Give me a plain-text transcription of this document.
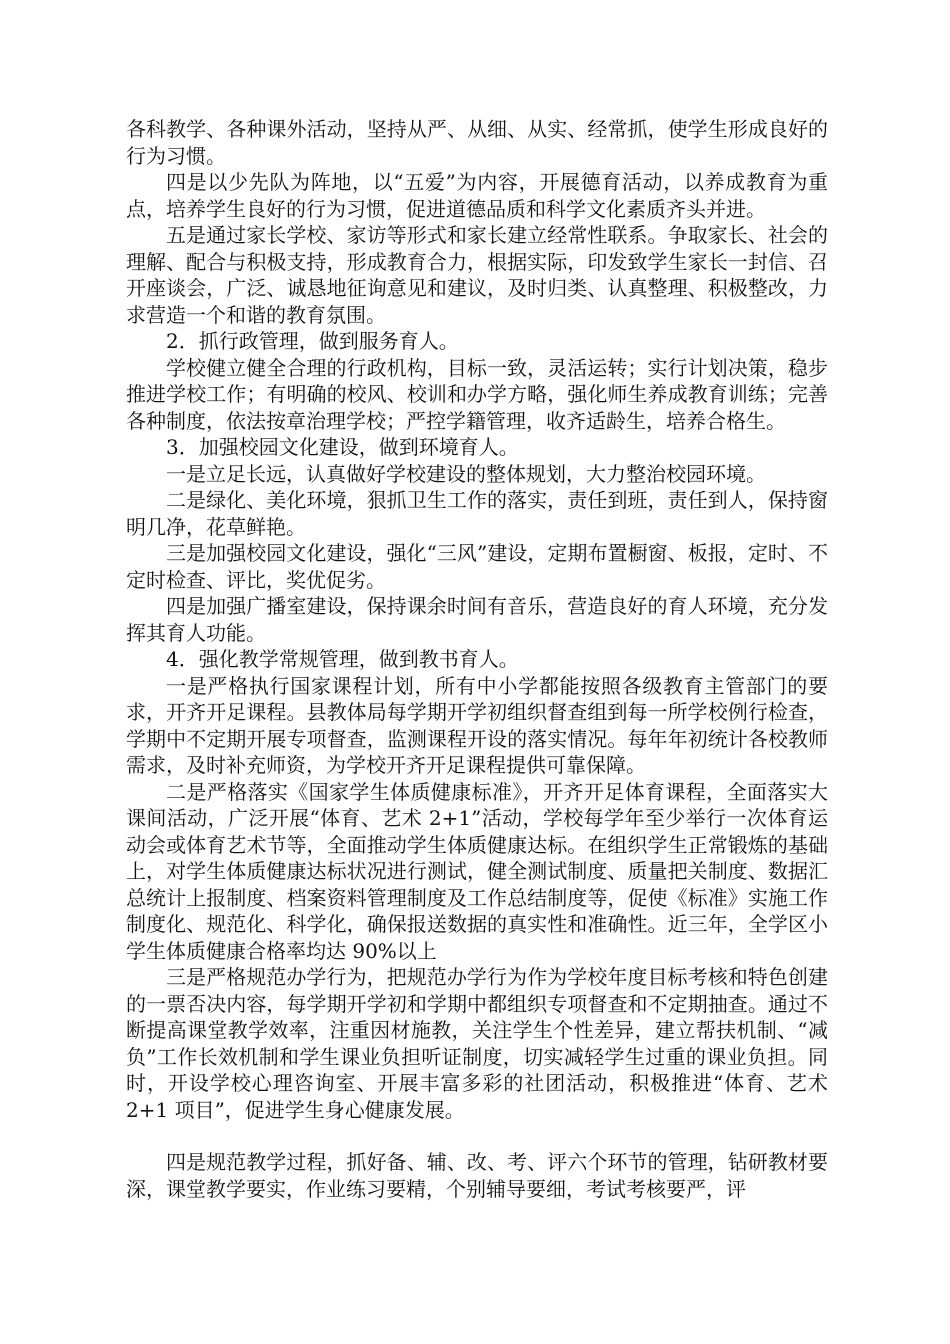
各科教学、各种课外活动，坚持从严、从细、从实、经常抓，使学生形成良好的行为习惯。

四是以少先队为阵地，以“五爱”为内容，开展德育活动，以养成教育为重点，培养学生良好的行为习惯，促进道德品质和科学文化素质齐头并进。

五是通过家长学校、家访等形式和家长建立经常性联系。争取家长、社会的理解、配合与积极支持，形成教育合力，根据实际，印发致学生家长一封信、召开座谈会，广泛、诚恳地征询意见和建议，及时归类、认真整理、积极整改，力求营造一个和谐的教育氛围。

2．抓行政管理，做到服务育人。

学校健立健全合理的行政机构，目标一致，灵活运转；实行计划决策，稳步推进学校工作；有明确的校风、校训和办学方略，强化师生养成教育训练；完善各种制度，依法按章治理学校；严控学籍管理，收齐适龄生，培养合格生。

3．加强校园文化建设，做到环境育人。

一是立足长远，认真做好学校建设的整体规划，大力整治校园环境。

二是绿化、美化环境，狠抓卫生工作的落实，责任到班，责任到人，保持窗明几净，花草鲜艳。

三是加强校园文化建设，强化“三风”建设，定期布置橱窗、板报，定时、不定时检查、评比，奖优促劣。

四是加强广播室建设，保持课余时间有音乐，营造良好的育人环境，充分发挥其育人功能。

4．强化教学常规管理，做到教书育人。

一是严格执行国家课程计划，所有中小学都能按照各级教育主管部门的要求，开齐开足课程。县教体局每学期开学初组织督查组到每一所学校例行检查，学期中不定期开展专项督查，监测课程开设的落实情况。每年年初统计各校教师需求，及时补充师资，为学校开齐开足课程提供可靠保障。

二是严格落实《国家学生体质健康标准》，开齐开足体育课程，全面落实大课间活动，广泛开展“体育、艺术 2+1”活动，学校每学年至少举行一次体育运动会或体育艺术节等，全面推动学生体质健康达标。在组织学生正常锻炼的基础上，对学生体质健康达标状况进行测试，健全测试制度、质量把关制度、数据汇总统计上报制度、档案资料管理制度及工作总结制度等，促使《标准》实施工作制度化、规范化、科学化，确保报送数据的真实性和准确性。近三年，全学区小学生体质健康合格率均达 90%以上

三是严格规范办学行为，把规范办学行为作为学校年度目标考核和特色创建的一票否决内容，每学期开学初和学期中都组织专项督查和不定期抽查。通过不断提高课堂教学效率，注重因材施教，关注学生个性差异，建立帮扶机制、“减负”工作长效机制和学生课业负担听证制度，切实减轻学生过重的课业负担。同时，开设学校心理咨询室、开展丰富多彩的社团活动，积极推进“体育、艺术 2+1 项目”，促进学生身心健康发展。

四是规范教学过程，抓好备、辅、改、考、评六个环节的管理，钻研教材要深，课堂教学要实，作业练习要精，个别辅导要细，考试考核要严，评
